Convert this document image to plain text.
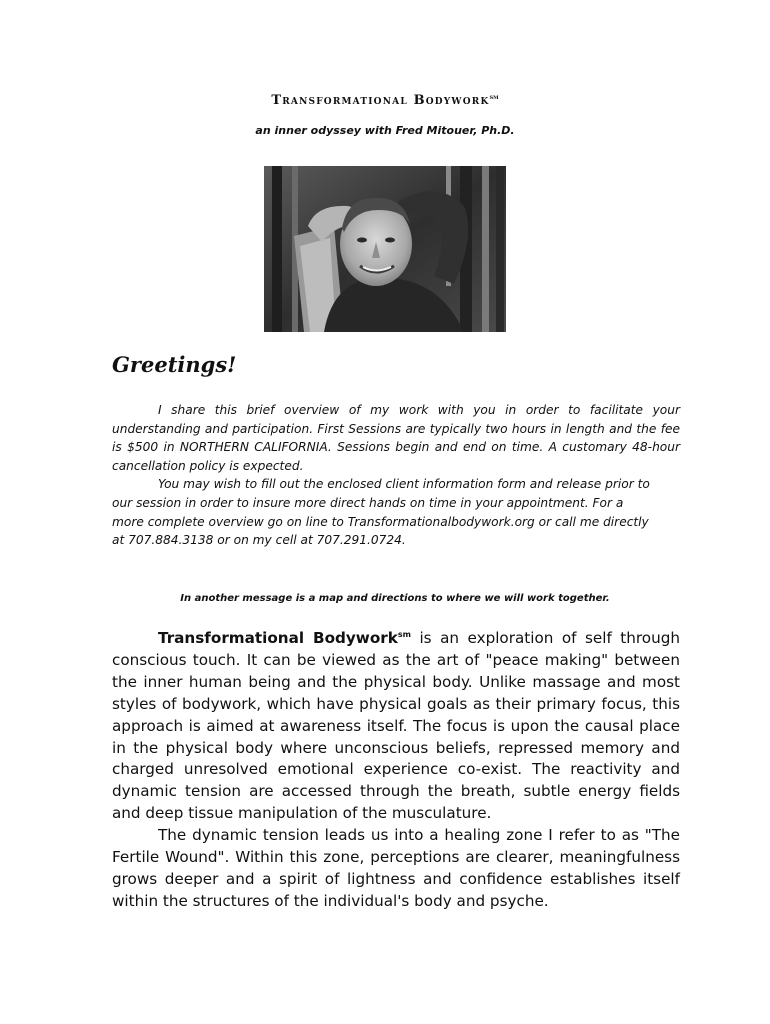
Transformational Bodywork$^{sm}$
an inner odyssey with Fred Mitouer, Ph.D.
Greetings!

I share this brief overview of my work with you in order to facilitate your understanding and participation. First Sessions are typically two hours in length and the fee is $500 in NORTHERN CALIFORNIA. Sessions begin and end on time. A customary 48-hour cancellation policy is expected.

You may wish to fill out the enclosed client information form and release prior to our session in order to insure more direct hands on time in your appointment. For a more complete overview go on line to Transformationalbodywork.org or call me directly at 707.884.3138 or on my cell at 707.291.0724.

In another message is a map and directions to where we will work together.

Transformational Bodywork$^{sm}$ is an exploration of self through conscious touch. It can be viewed as the art of "peace making" between the inner human being and the physical body. Unlike massage and most styles of bodywork, which have physical goals as their primary focus, this approach is aimed at awareness itself. The focus is upon the causal place in the physical body where unconscious beliefs, repressed memory and charged unresolved emotional experience co-exist. The reactivity and dynamic tension are accessed through the breath, subtle energy fields and deep tissue manipulation of the musculature.

The dynamic tension leads us into a healing zone I refer to as "The Fertile Wound". Within this zone, perceptions are clearer, meaningfulness grows deeper and a spirit of lightness and confidence establishes itself within the structures of the individual's body and psyche.
